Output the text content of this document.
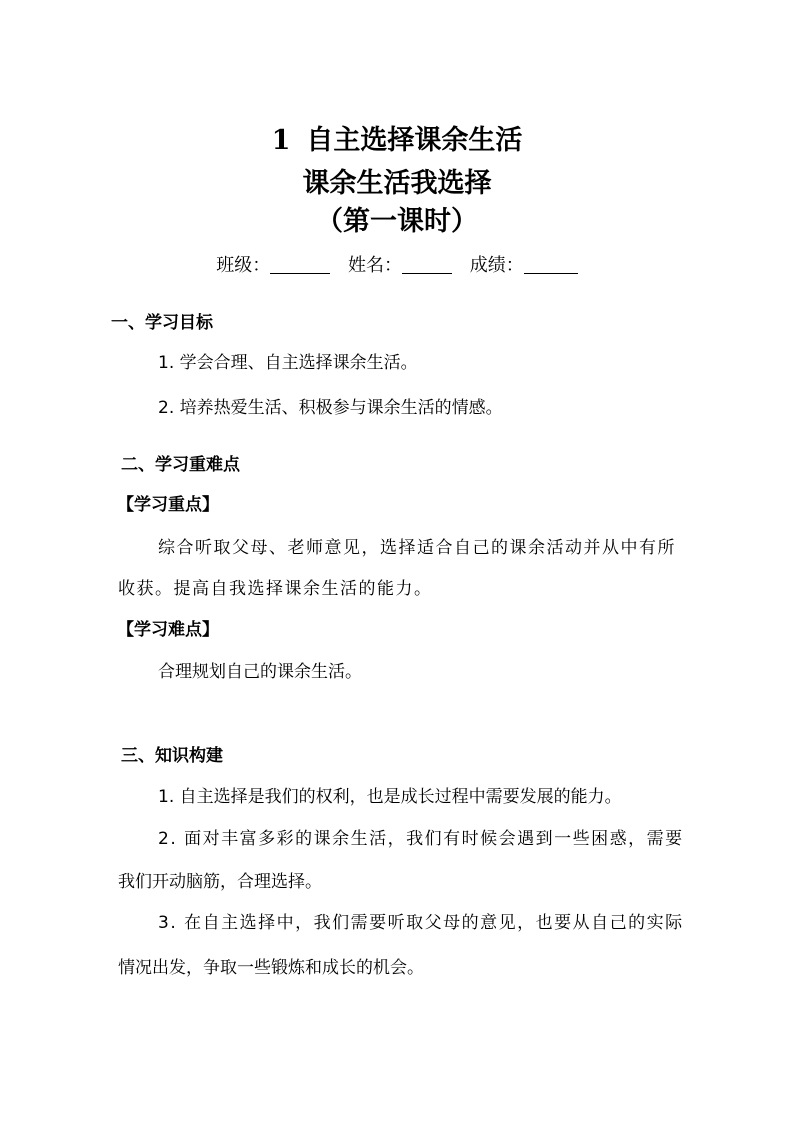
1 自主选择课余生活
课余生活我选择
（第一课时）
班级：	姓名：	成绩：
一、学习目标
1. 学会合理、自主选择课余生活。
2. 培养热爱生活、积极参与课余生活的情感。
二、学习重难点
【学习重点】
综合听取父母、老师意见，选择适合自己的课余活动并从中有所
收获。提高自我选择课余生活的能力。
【学习难点】
合理规划自己的课余生活。
三、知识构建
1. 自主选择是我们的权利，也是成长过程中需要发展的能力。
2. 面对丰富多彩的课余生活，我们有时候会遇到一些困惑，需要
我们开动脑筋，合理选择。
3. 在自主选择中，我们需要听取父母的意见，也要从自己的实际
情况出发，争取一些锻炼和成长的机会。
